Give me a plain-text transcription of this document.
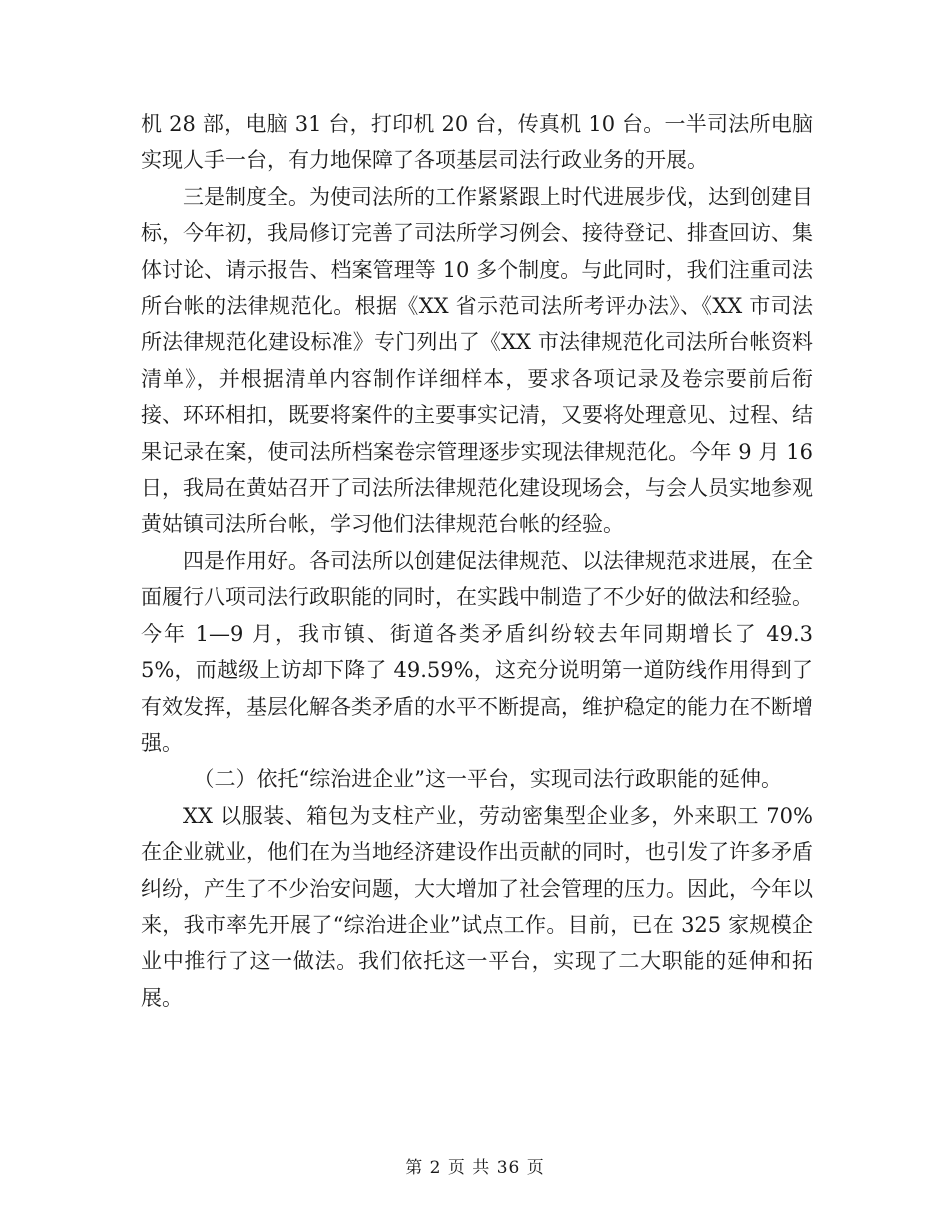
机 28 部，电脑 31 台，打印机 20 台，传真机 10 台。一半司法所电脑实现人手一台，有力地保障了各项基层司法行政业务的开展。

三是制度全。为使司法所的工作紧紧跟上时代进展步伐，达到创建目标，今年初，我局修订完善了司法所学习例会、接待登记、排查回访、集体讨论、请示报告、档案管理等 10 多个制度。与此同时，我们注重司法所台帐的法律规范化。根据《XX 省示范司法所考评办法》、《XX 市司法所法律规范化建设标准》专门列出了《XX 市法律规范化司法所台帐资料清单》，并根据清单内容制作详细样本，要求各项记录及卷宗要前后衔接、环环相扣，既要将案件的主要事实记清，又要将处理意见、过程、结果记录在案，使司法所档案卷宗管理逐步实现法律规范化。今年 9 月 16 日，我局在黄姑召开了司法所法律规范化建设现场会，与会人员实地参观黄姑镇司法所台帐，学习他们法律规范台帐的经验。

四是作用好。各司法所以创建促法律规范、以法律规范求进展，在全面履行八项司法行政职能的同时，在实践中制造了不少好的做法和经验。今年 1—9 月，我市镇、街道各类矛盾纠纷较去年同期增长了 49.35%，而越级上访却下降了 49.59%，这充分说明第一道防线作用得到了有效发挥，基层化解各类矛盾的水平不断提高，维护稳定的能力在不断增强。

（二）依托“综治进企业”这一平台，实现司法行政职能的延伸。

XX 以服装、箱包为支柱产业，劳动密集型企业多，外来职工 70% 在企业就业，他们在为当地经济建设作出贡献的同时，也引发了许多矛盾纠纷，产生了不少治安问题，大大增加了社会管理的压力。因此，今年以来，我市率先开展了“综治进企业”试点工作。目前，已在 325 家规模企业中推行了这一做法。我们依托这一平台，实现了二大职能的延伸和拓展。

第 2 页 共 36 页
